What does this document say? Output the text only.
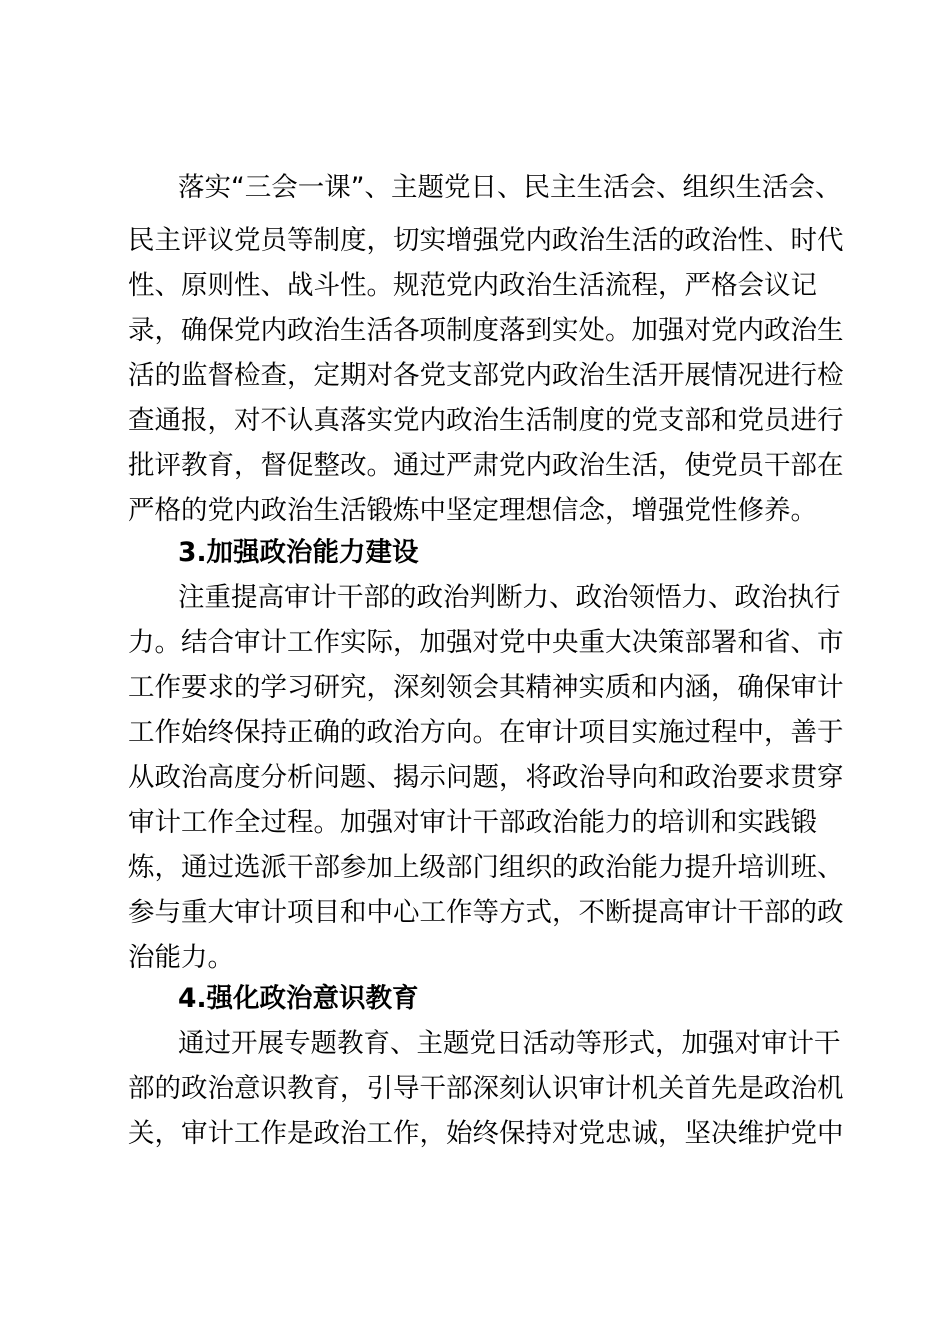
落实“三会一课”、主题党日、民主生活会、组织生活会、
民主评议党员等制度，切实增强党内政治生活的政治性、时代
性、原则性、战斗性。规范党内政治生活流程，严格会议记
录，确保党内政治生活各项制度落到实处。加强对党内政治生
活的监督检查，定期对各党支部党内政治生活开展情况进行检
查通报，对不认真落实党内政治生活制度的党支部和党员进行
批评教育，督促整改。通过严肃党内政治生活，使党员干部在
严格的党内政治生活锻炼中坚定理想信念，增强党性修养。
3.加强政治能力建设
注重提高审计干部的政治判断力、政治领悟力、政治执行
力。结合审计工作实际，加强对党中央重大决策部署和省、市
工作要求的学习研究，深刻领会其精神实质和内涵，确保审计
工作始终保持正确的政治方向。在审计项目实施过程中，善于
从政治高度分析问题、揭示问题，将政治导向和政治要求贯穿
审计工作全过程。加强对审计干部政治能力的培训和实践锻
炼，通过选派干部参加上级部门组织的政治能力提升培训班、
参与重大审计项目和中心工作等方式，不断提高审计干部的政
治能力。
4.强化政治意识教育
通过开展专题教育、主题党日活动等形式，加强对审计干
部的政治意识教育，引导干部深刻认识审计机关首先是政治机
关，审计工作是政治工作，始终保持对党忠诚，坚决维护党中
